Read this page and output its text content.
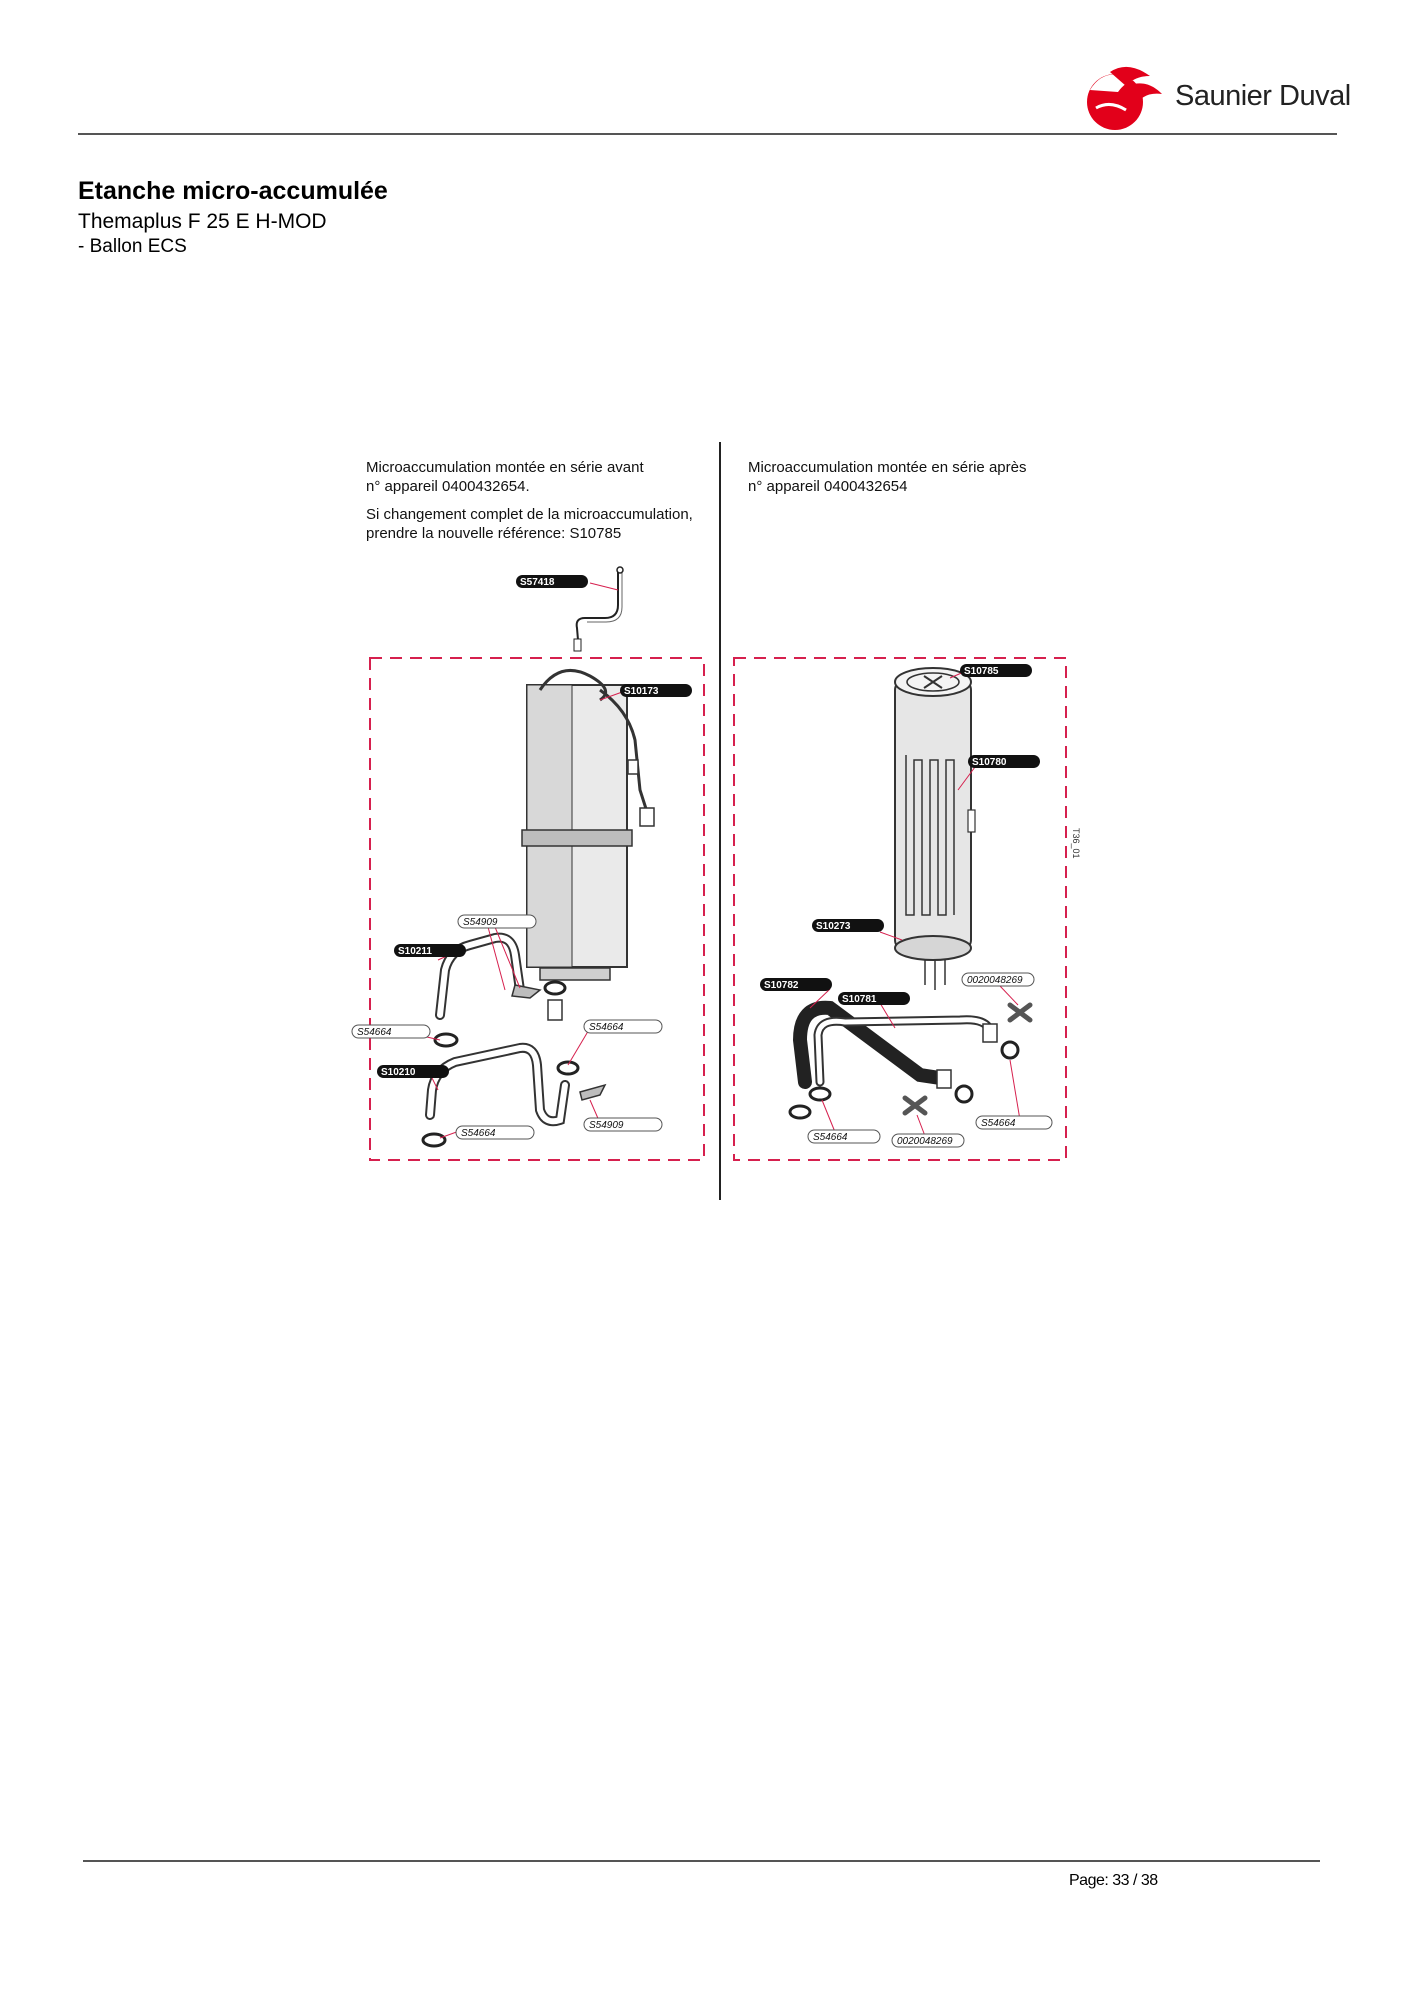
Saunier Duval
Etanche micro-accumulée
Themaplus F 25 E H-MOD
- Ballon ECS
Microaccumulation montée en série avant
n° appareil 0400432654.
Si changement complet de la microaccumulation,
prendre la nouvelle référence: S10785
Microaccumulation montée en série après
n° appareil 0400432654
S57418
S10173
S10211
S10210
S54909
S54664	S54664
S54909
S54664
S10785
S10780
S10273
S10782
S10781
0020048269
S54664
S54664	0020048269
T36_01
Page: 33 / 38
